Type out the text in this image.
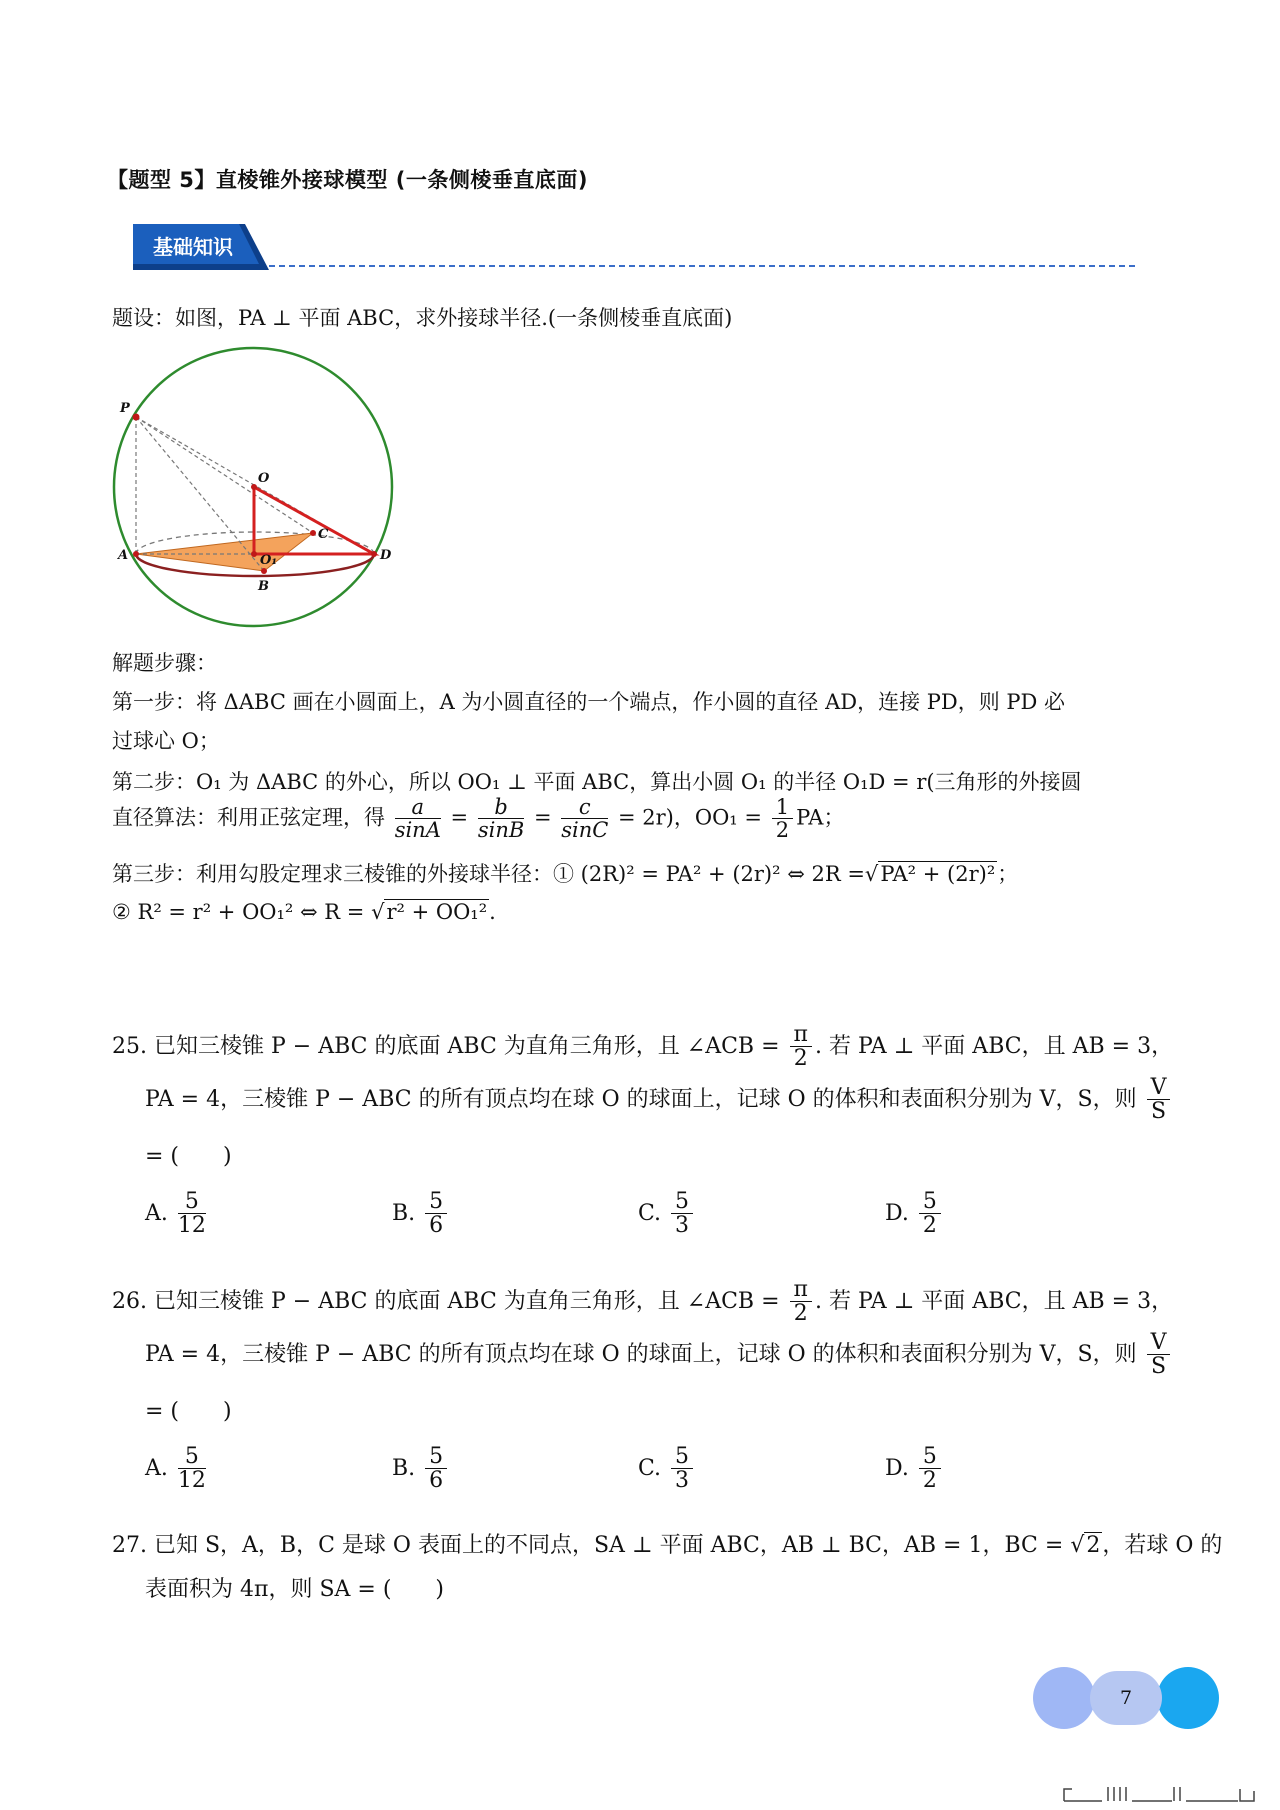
【题型 5】直棱锥外接球模型 (一条侧棱垂直底面)
基础知识
题设：如图，PA ⊥ 平面 ABC，求外接球半径.(一条侧棱垂直底面)
P
O
C
A	O₁	D
B
解题步骤：
第一步：将 ΔABC 画在小圆面上，A 为小圆直径的一个端点，作小圆的直径 AD，连接 PD，则 PD 必
过球心 O；
第二步：O₁ 为 ΔABC 的外心，所以 OO₁ ⊥ 平面 ABC，算出小圆 O₁ 的半径 O₁D = r(三角形的外接圆
直径算法：利用正弦定理，得 $\frac{a}{\sin A} = \frac{b}{\sin B} = \frac{c}{\sin C} = 2r$)，$OO_1 = \frac{1}{2}$ PA；
第三步：利用勾股定理求三棱锥的外接球半径：① (2R)² = PA² + (2r)² ⇔ 2R =√PA² + (2r)²；
② R² = r² + OO₁² ⇔ R = √r² + OO₁².
25. 已知三棱锥 P − ABC 的底面 ABC 为直角三角形，且 ∠ACB = $\frac{\pi}{2}$ . 若 PA ⊥ 平面 ABC，且 AB = 3，
PA = 4，三棱锥 P − ABC 的所有顶点均在球 O 的球面上，记球 O 的体积和表面积分别为 V，S，则 $\frac{V}{S}$
= (　　)
A. $\frac{5}{12}$	B. $\frac{5}{6}$	C. $\frac{5}{3}$	D. $\frac{5}{2}$
26. 已知三棱锥 P − ABC 的底面 ABC 为直角三角形，且 ∠ACB = $\frac{\pi}{2}$ . 若 PA ⊥ 平面 ABC，且 AB = 3，
PA = 4，三棱锥 P − ABC 的所有顶点均在球 O 的球面上，记球 O 的体积和表面积分别为 V，S，则 $\frac{V}{S}$
= (　　)
A. $\frac{5}{12}$	B. $\frac{5}{6}$	C. $\frac{5}{3}$	D. $\frac{5}{2}$
27. 已知 S，A，B，C 是球 O 表面上的不同点，SA ⊥ 平面 ABC，AB ⊥ BC，AB = 1，BC = √2，若球 O 的
表面积为 4π，则 SA = (　　)
7
